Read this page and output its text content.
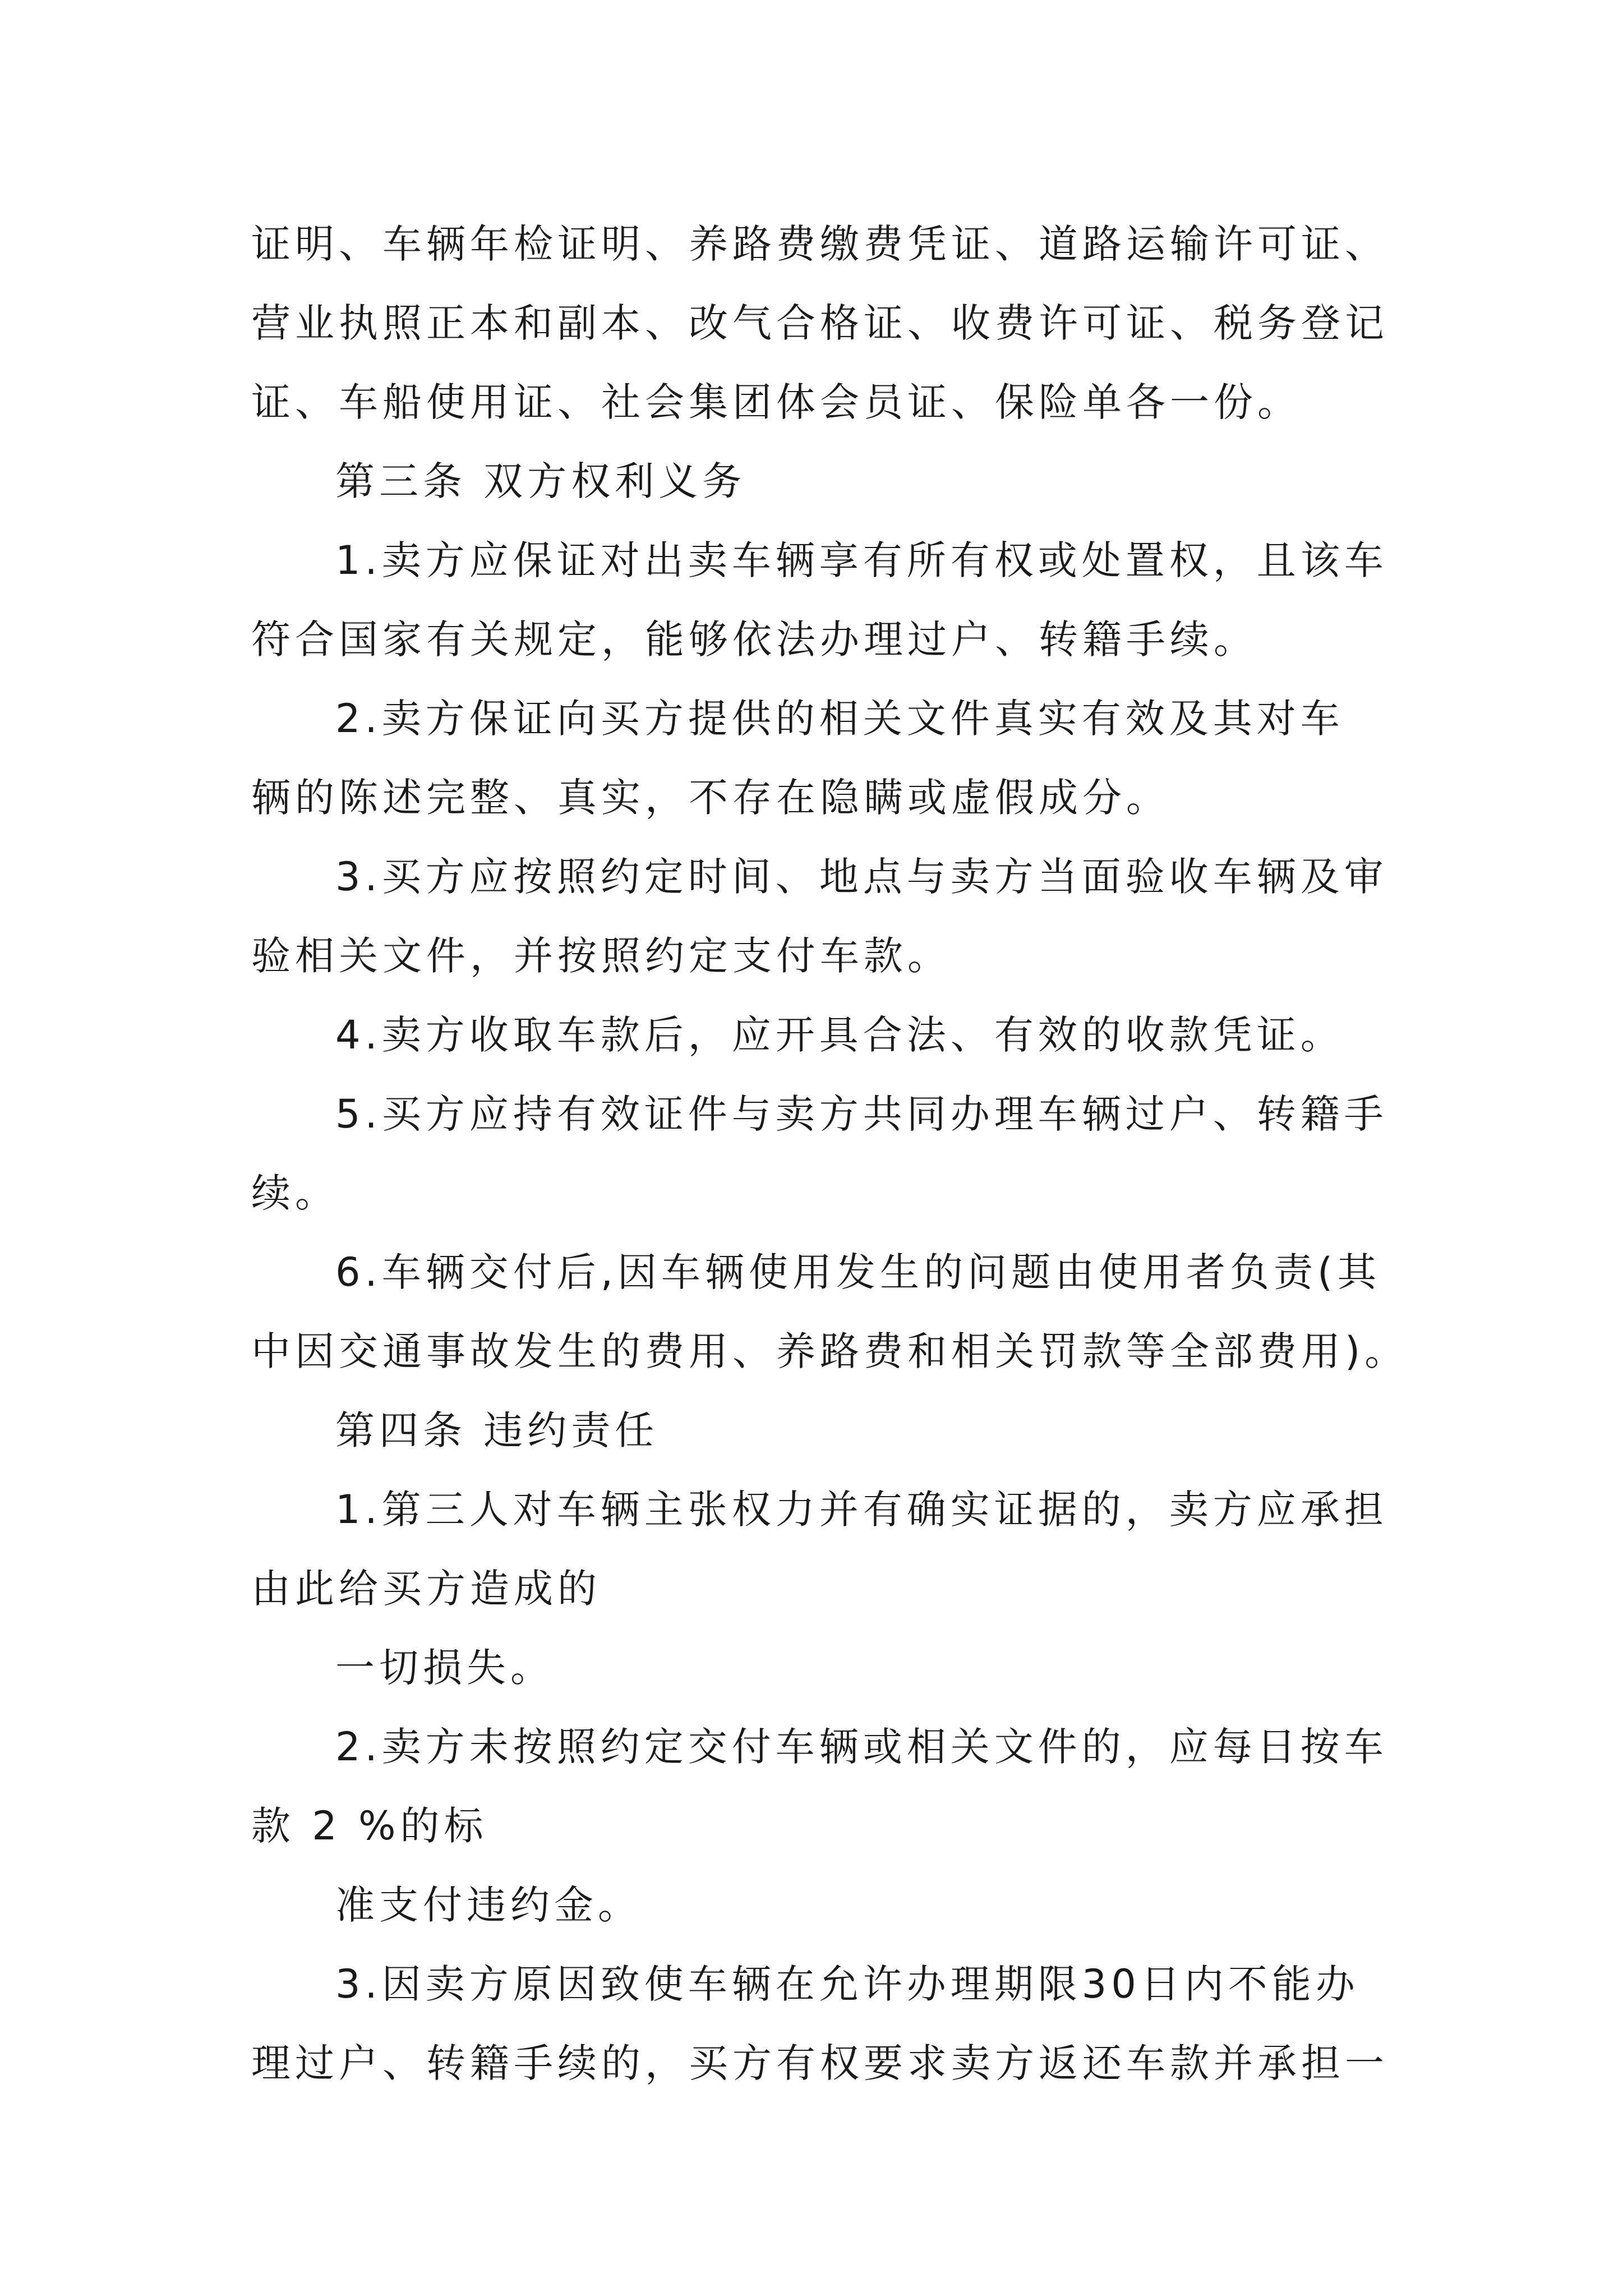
证明、车辆年检证明、养路费缴费凭证、道路运输许可证、
营业执照正本和副本、改气合格证、收费许可证、税务登记
证、车船使用证、社会集团体会员证、保险单各一份。
第三条 双方权利义务
1.卖方应保证对出卖车辆享有所有权或处置权，且该车
符合国家有关规定，能够依法办理过户、转籍手续。
2.卖方保证向买方提供的相关文件真实有效及其对车
辆的陈述完整、真实，不存在隐瞒或虚假成分。
3.买方应按照约定时间、地点与卖方当面验收车辆及审
验相关文件，并按照约定支付车款。
4.卖方收取车款后，应开具合法、有效的收款凭证。
5.买方应持有效证件与卖方共同办理车辆过户、转籍手
续。
6.车辆交付后,因车辆使用发生的问题由使用者负责(其
中因交通事故发生的费用、养路费和相关罚款等全部费用)。
第四条 违约责任
1.第三人对车辆主张权力并有确实证据的，卖方应承担
由此给买方造成的
一切损失。
2.卖方未按照约定交付车辆或相关文件的，应每日按车
款 2 %的标
准支付违约金。
3.因卖方原因致使车辆在允许办理期限30日内不能办
理过户、转籍手续的，买方有权要求卖方返还车款并承担一
